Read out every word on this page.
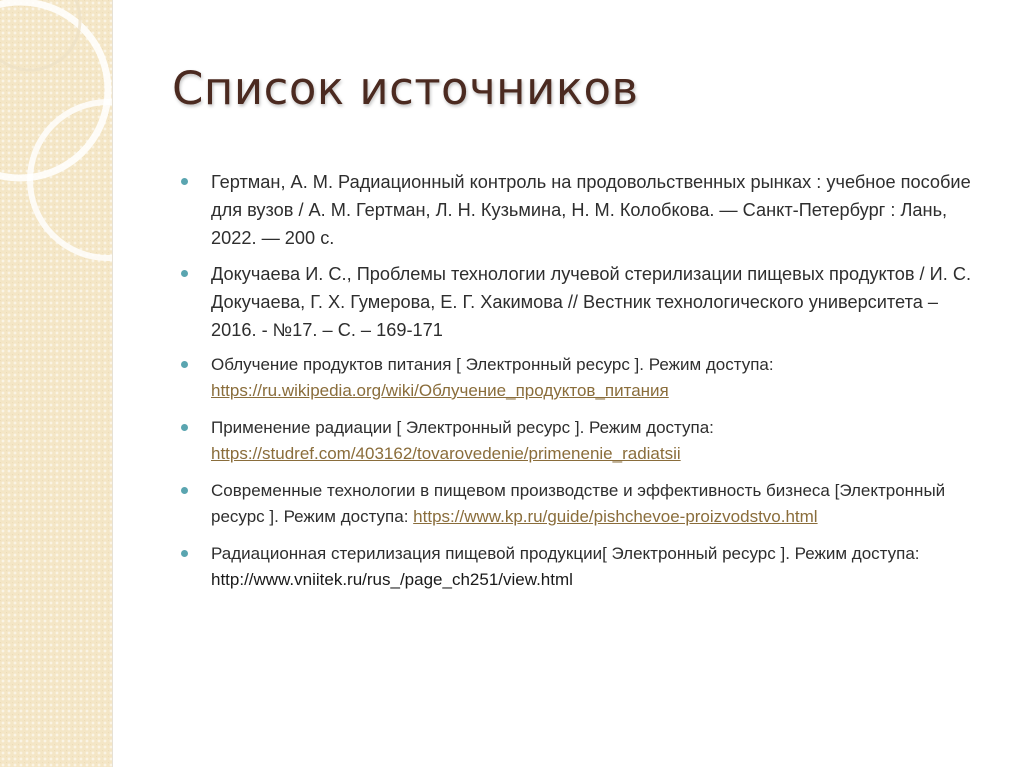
Список источников
Гертман, А. М. Радиационный контроль на продовольственных рынках : учебное пособие для вузов / А. М. Гертман, Л. Н. Кузьмина, Н. М. Колобкова. — Санкт-Петербург : Лань, 2022. — 200 с.
Докучаева И. С., Проблемы технологии лучевой стерилизации пищевых продуктов / И. С. Докучаева, Г. Х. Гумерова, Е. Г. Хакимова // Вестник технологического университета – 2016. - №17. – С. – 169-171
Облучение продуктов питания [ Электронный ресурс ]. Режим доступа: https://ru.wikipedia.org/wiki/Облучение_продуктов_питания
Применение радиации [ Электронный ресурс ]. Режим доступа: https://studref.com/403162/tovarovedenie/primenenie_radiatsii
Современные технологии в пищевом производстве и эффективность бизнеса [Электронный ресурс ]. Режим доступа: https://www.kp.ru/guide/pishchevoe-proizvodstvo.html
Радиационная стерилизация пищевой продукции[ Электронный ресурс ]. Режим доступа: http://www.vniitek.ru/rus_/page_ch251/view.html
